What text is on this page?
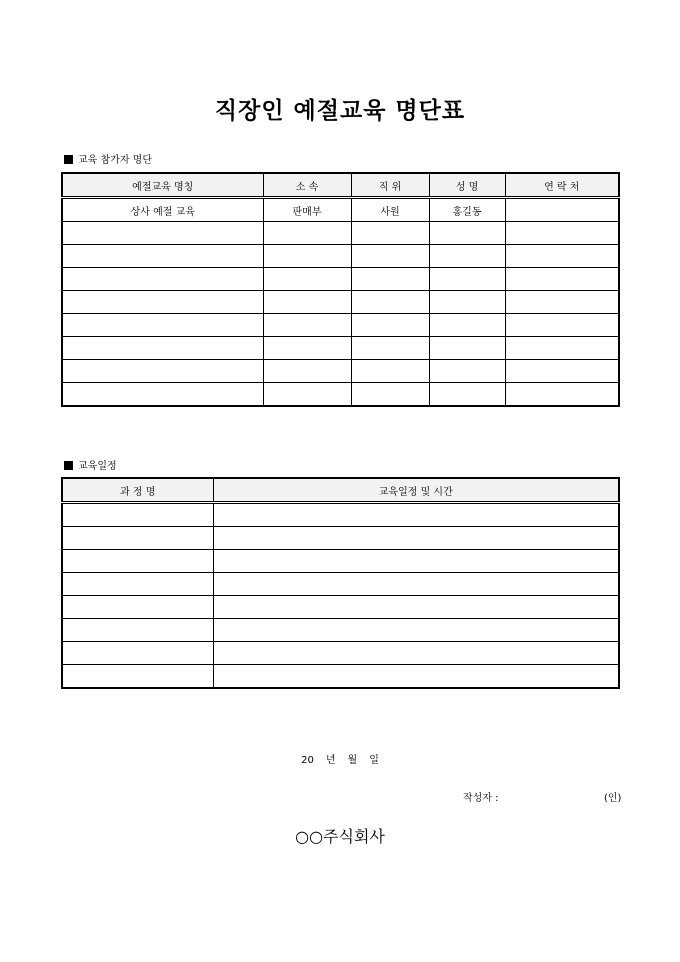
직장인 예절교육 명단표
교육 참가자 명단
예절교육 명칭	소 속	직 위	성 명	연 락 처
상사 예절 교육	판매부	사원	홍길동	

교육일정
과 정 명	교육일정 및 시간

20 년 월 일
작성자 :	(인)
○○주식회사
